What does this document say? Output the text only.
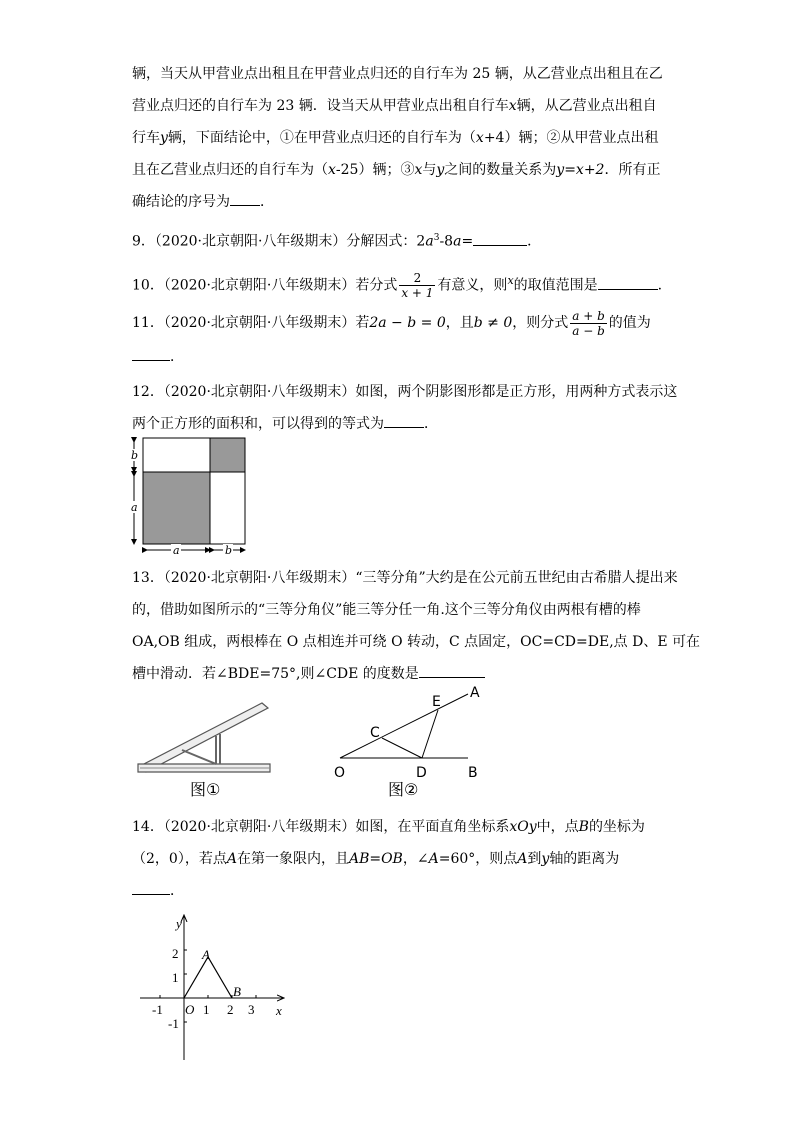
辆，当天从甲营业点出租且在甲营业点归还的自行车为 25 辆，从乙营业点出租且在乙
营业点归还的自行车为 23 辆．设当天从甲营业点出租自行车x辆，从乙营业点出租自
行车y辆，下面结论中，①在甲营业点归还的自行车为（x+4）辆；②从甲营业点出租
且在乙营业点归还的自行车为（x-25）辆；③x与y之间的数量关系为y=x+2．所有正
确结论的序号为 ．
9．（2020·北京朝阳·八年级期末）分解因式：$2a^3-8a=$	．
10．（2020·北京朝阳·八年级期末）若分式 $\frac{2}{x + 1}$ 有意义，则$^x$的取值范围是	.
11．（2020·北京朝阳·八年级期末）若2a − b = 0，且b ≠ 0，则分式 $\frac{a + b}{a - b}$ 的值为
．
12．（2020·北京朝阳·八年级期末）如图，两个阴影图形都是正方形，用两种方式表示这
两个正方形的面积和，可以得到的等式为	．
b
a
a	b
13．（2020·北京朝阳·八年级期末）“三等分角”大约是在公元前五世纪由古希腊人提出来
的，借助如图所示的“三等分角仪”能三等分任一角.这个三等分角仪由两根有槽的棒
OA,OB 组成，两根棒在 O 点相连并可绕 O 转动，C 点固定，OC=CD=DE,点 D、E 可在
槽中滑动．若∠BDE=75°,则∠CDE 的度数是
图①
A
B
C
D
E
O
图②
14．（2020·北京朝阳·八年级期末）如图，在平面直角坐标系xOy中，点B的坐标为
（2，0），若点A在第一象限内，且AB=OB，∠A=60°，则点A到y轴的距离为
．
y
x
O
A
B
-1	1 2 3
2
1
-1
